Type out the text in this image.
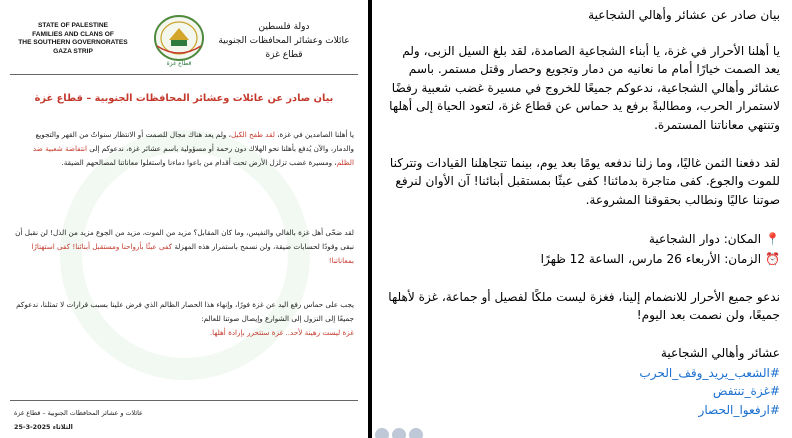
STATE OF PALESTINE
FAMILIES AND CLANS OF
THE SOUTHERN GOVERNORATES
GAZA STRIP
قطاع غزة
دولة فلسطين
عائلات وعشائر المحافظات الجنوبية
قطاع غزة
بيان صادر عن عائلات وعشائر المحافظات الجنوبية – قطاع غزة
يا أهلنا الصامدين في غزة، لقد طفح الكيل، ولم يعد هناك مجال للصمت أو الانتظار سنواتٌ من القهر والتجويع والدمار، والآن يُدفع بأهلنا نحو الهلاك دون رحمة أو مسؤولية باسم عشائر غزة، ندعوكم إلى انتفاضة شعبية ضد الظلم، ومسيرة غضب تزلزل الأرض تحت أقدام من باعوا دماءنا واستغلوا معاناتنا لمصالحهم الضيقة.
لقد ضحّى أهل غزة بالغالي والنفيس، وما كان المقابل؟ مزيد من الموت، مزيد من الجوع مزيد من الذل! لن نقبل أن نبقى وقودًا لحسابات ضيقة، ولن نسمح باستمرار هذه المهزلة كفى عبثًا بأرواحنا ومستقبل أبنائنا! كفى استهتارًا بمعاناتنا!
يجب على حماس رفع اليد عن غزة فورًا، وإنهاء هذا الحصار الظالم الذي فرض علينا بسبب قرارات لا تمثلنا، ندعوكم جميعًا إلى النزول إلى الشوارع وإيصال صوتنا للعالم:
غزة ليست رهينة لأحد.. غزة ستتحرر بإرادة أهلها.
عائلات و عشائر المحافظات الجنوبية – قطاع غزة
الثلاثاء 2025-3-25
بيان صادر عن عشائر وأهالي الشجاعية
يا أهلنا الأحرار في غزة، يا أبناء الشجاعية الصامدة، لقد بلغ السيل الزبى، ولم يعد الصمت خيارًا أمام ما نعانيه من دمار وتجويع وحصار وقتل مستمر. باسم عشائر وأهالي الشجاعية، ندعوكم جميعًا للخروج في مسيرة غضب شعبية رفضًا لاستمرار الحرب، ومطالبةً برفع يد حماس عن قطاع غزة، لتعود الحياة إلى أهلها وتنتهي معاناتنا المستمرة.
لقد دفعنا الثمن غاليًا، وما زلنا ندفعه يومًا بعد يوم، بينما تتجاهلنا القيادات وتتركنا للموت والجوع. كفى متاجرة بدمائنا! كفى عبثًا بمستقبل أبنائنا! آن الأوان لنرفع صوتنا عاليًا ونطالب بحقوقنا المشروعة.
📍 المكان: دوار الشجاعية
⏰ الزمان: الأربعاء 26 مارس، الساعة 12 ظهرًا
ندعو جميع الأحرار للانضمام إلينا، فغزة ليست ملكًا لفصيل أو جماعة، غزة لأهلها جميعًا، ولن نصمت بعد اليوم!
عشائر وأهالي الشجاعية
#الشعب_يريد_وقف_الحرب
#غزة_تنتفض
#ارفعوا_الحصار
